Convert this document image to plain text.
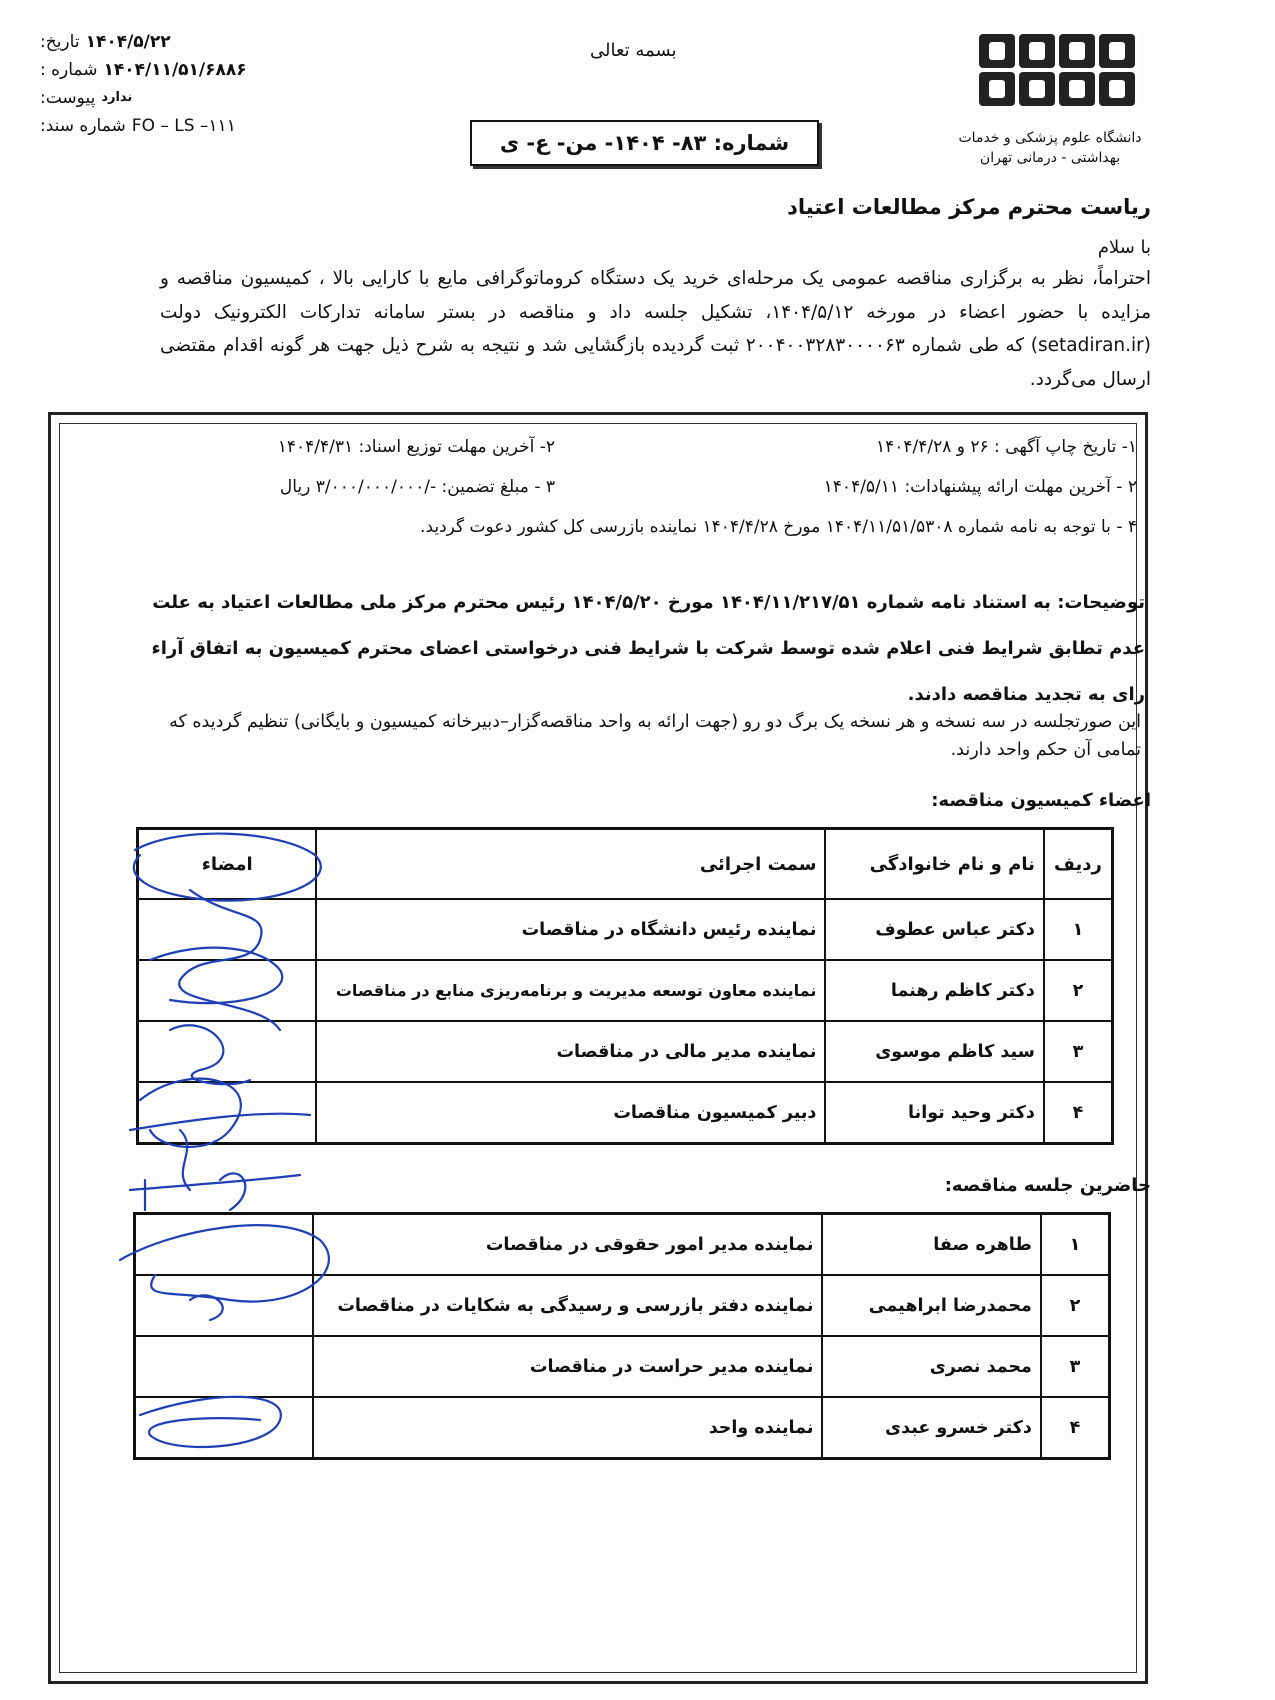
دانشگاه علوم پزشکی و خدمات
بهداشتی - درمانی تهران
بسمه تعالی
تاریخ: ۱۴۰۴/۵/۲۲
شماره : ۱۴۰۴/۱۱/۵۱/۶۸۸۶
پیوست: ندارد
شماره سند: FO – LS –۱۱۱
شماره: ۸۳- ۱۴۰۴- من- ع- ی
ریاست محترم مرکز مطالعات اعتیاد
با سلام
احتراماً، نظر به برگزاری مناقصه عمومی یک مرحله‌ای خرید یک دستگاه کروماتوگرافی مایع با کارایی بالا ، کمیسیون مناقصه و مزایده با حضور اعضاء در مورخه ۱۴۰۴/۵/۱۲، تشکیل جلسه داد و مناقصه در بستر سامانه تدارکات الکترونیک دولت (setadiran.ir) که طی شماره ۲۰۰۴۰۰۳۲۸۳۰۰۰۰۶۳ ثبت گردیده بازگشایی شد و نتیجه به شرح ذیل جهت هر گونه اقدام مقتضی ارسال می‌گردد.
۱- تاریخ چاپ آگهی : ۲۶ و ۱۴۰۴/۴/۲۸
۲- آخرین مهلت توزیع اسناد: ۱۴۰۴/۴/۳۱
۲ - آخرین مهلت ارائه پیشنهادات: ۱۴۰۴/۵/۱۱
۳ - مبلغ تضمین: -/۳/۰۰۰/۰۰۰/۰۰۰ ریال
۴ - با توجه به نامه شماره ۱۴۰۴/۱۱/۵۱/۵۳۰۸ مورخ ۱۴۰۴/۴/۲۸ نماینده بازرسی کل کشور دعوت گردید.
توضیحات: به استناد نامه شماره ۱۴۰۴/۱۱/۲۱۷/۵۱ مورخ ۱۴۰۴/۵/۲۰ رئیس محترم مرکز ملی مطالعات اعتیاد به علت عدم تطابق شرایط فنی اعلام شده توسط شرکت با شرایط فنی درخواستی اعضای محترم کمیسیون به اتفاق آراء رای به تجدید مناقصه دادند.
این صورتجلسه در سه نسخه و هر نسخه یک برگ دو رو (جهت ارائه به واحد مناقصه‌گزار–دبیرخانه کمیسیون و بایگانی) تنظیم گردیده که تمامی آن حکم واحد دارند.
اعضاء کمیسیون مناقصه:
ردیف	نام و نام خانوادگی	سمت اجرائی	امضاء
۱	دکتر عباس عطوف	نماینده رئیس دانشگاه در مناقصات	
۲	دکتر کاظم رهنما	نماینده معاون توسعه مدیریت و برنامه‌ریزی منابع در مناقصات	
۳	سید کاظم موسوی	نماینده مدیر مالی در مناقصات	
۴	دکتر وحید توانا	دبیر کمیسیون مناقصات	
حاضرین جلسه مناقصه:
۱	طاهره صفا	نماینده مدیر امور حقوقی در مناقصات	
۲	محمدرضا ابراهیمی	نماینده دفتر بازرسی و رسیدگی به شکایات در مناقصات	
۳	محمد نصری	نماینده مدیر حراست در مناقصات	
۴	دکتر خسرو عبدی	نماینده واحد	
